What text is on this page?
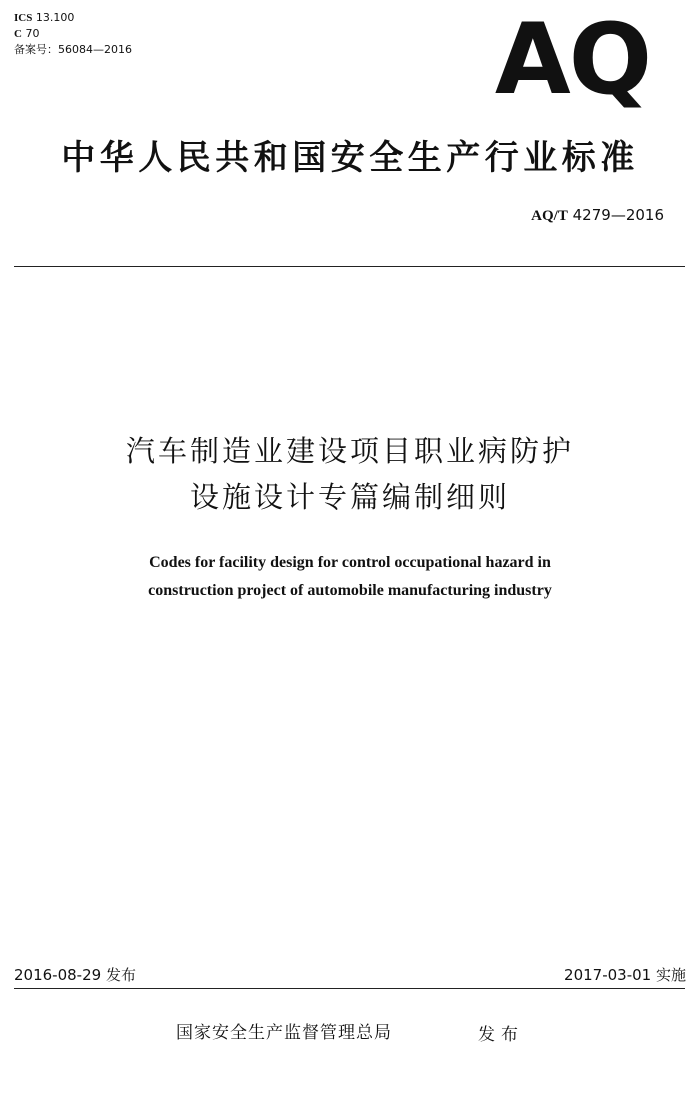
ICS 13.100
C 70
备案号：56084—2016	AQ
中华人民共和国安全生产行业标准
AQ/T 4279—2016
汽车制造业建设项目职业病防护
设施设计专篇编制细则
Codes for facility design for control occupational hazard in
construction project of automobile manufacturing industry
2016-08-29 发布	2017-03-01 实施
国家安全生产监督管理总局	发布
